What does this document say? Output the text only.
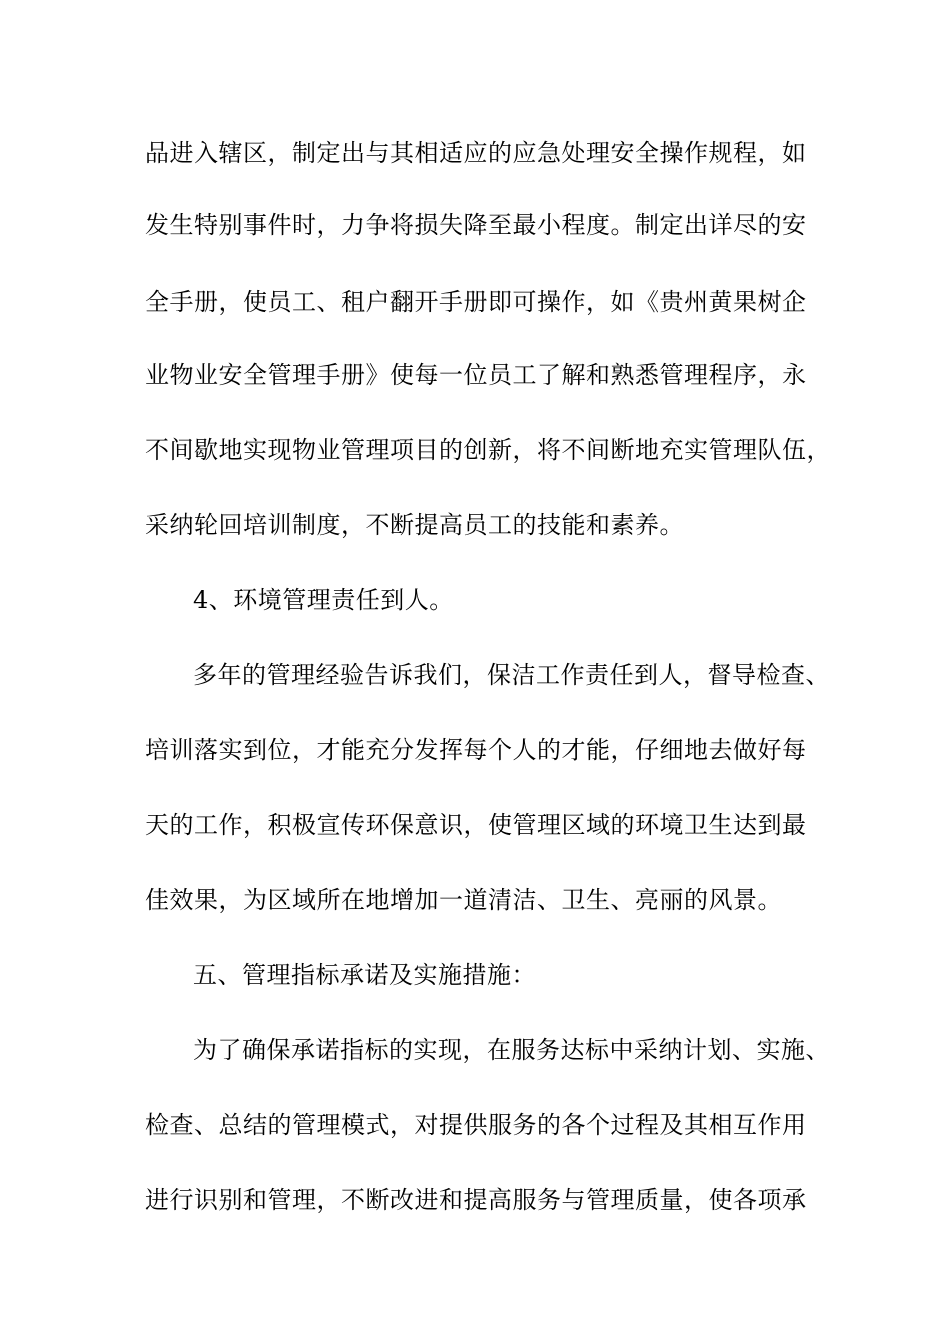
品进入辖区，制定出与其相适应的应急处理安全操作规程，如
发生特别事件时，力争将损失降至最小程度。制定出详尽的安
全手册，使员工、租户翻开手册即可操作，如《贵州黄果树企
业物业安全管理手册》使每一位员工了解和熟悉管理程序，永
不间歇地实现物业管理项目的创新，将不间断地充实管理队伍，
采纳轮回培训制度，不断提高员工的技能和素养。
4、环境管理责任到人。
多年的管理经验告诉我们，保洁工作责任到人，督导检查、
培训落实到位，才能充分发挥每个人的才能，仔细地去做好每
天的工作，积极宣传环保意识，使管理区域的环境卫生达到最
佳效果，为区域所在地增加一道清洁、卫生、亮丽的风景。
五、管理指标承诺及实施措施：
为了确保承诺指标的实现，在服务达标中采纳计划、实施、
检查、总结的管理模式，对提供服务的各个过程及其相互作用
进行识别和管理，不断改进和提高服务与管理质量，使各项承
